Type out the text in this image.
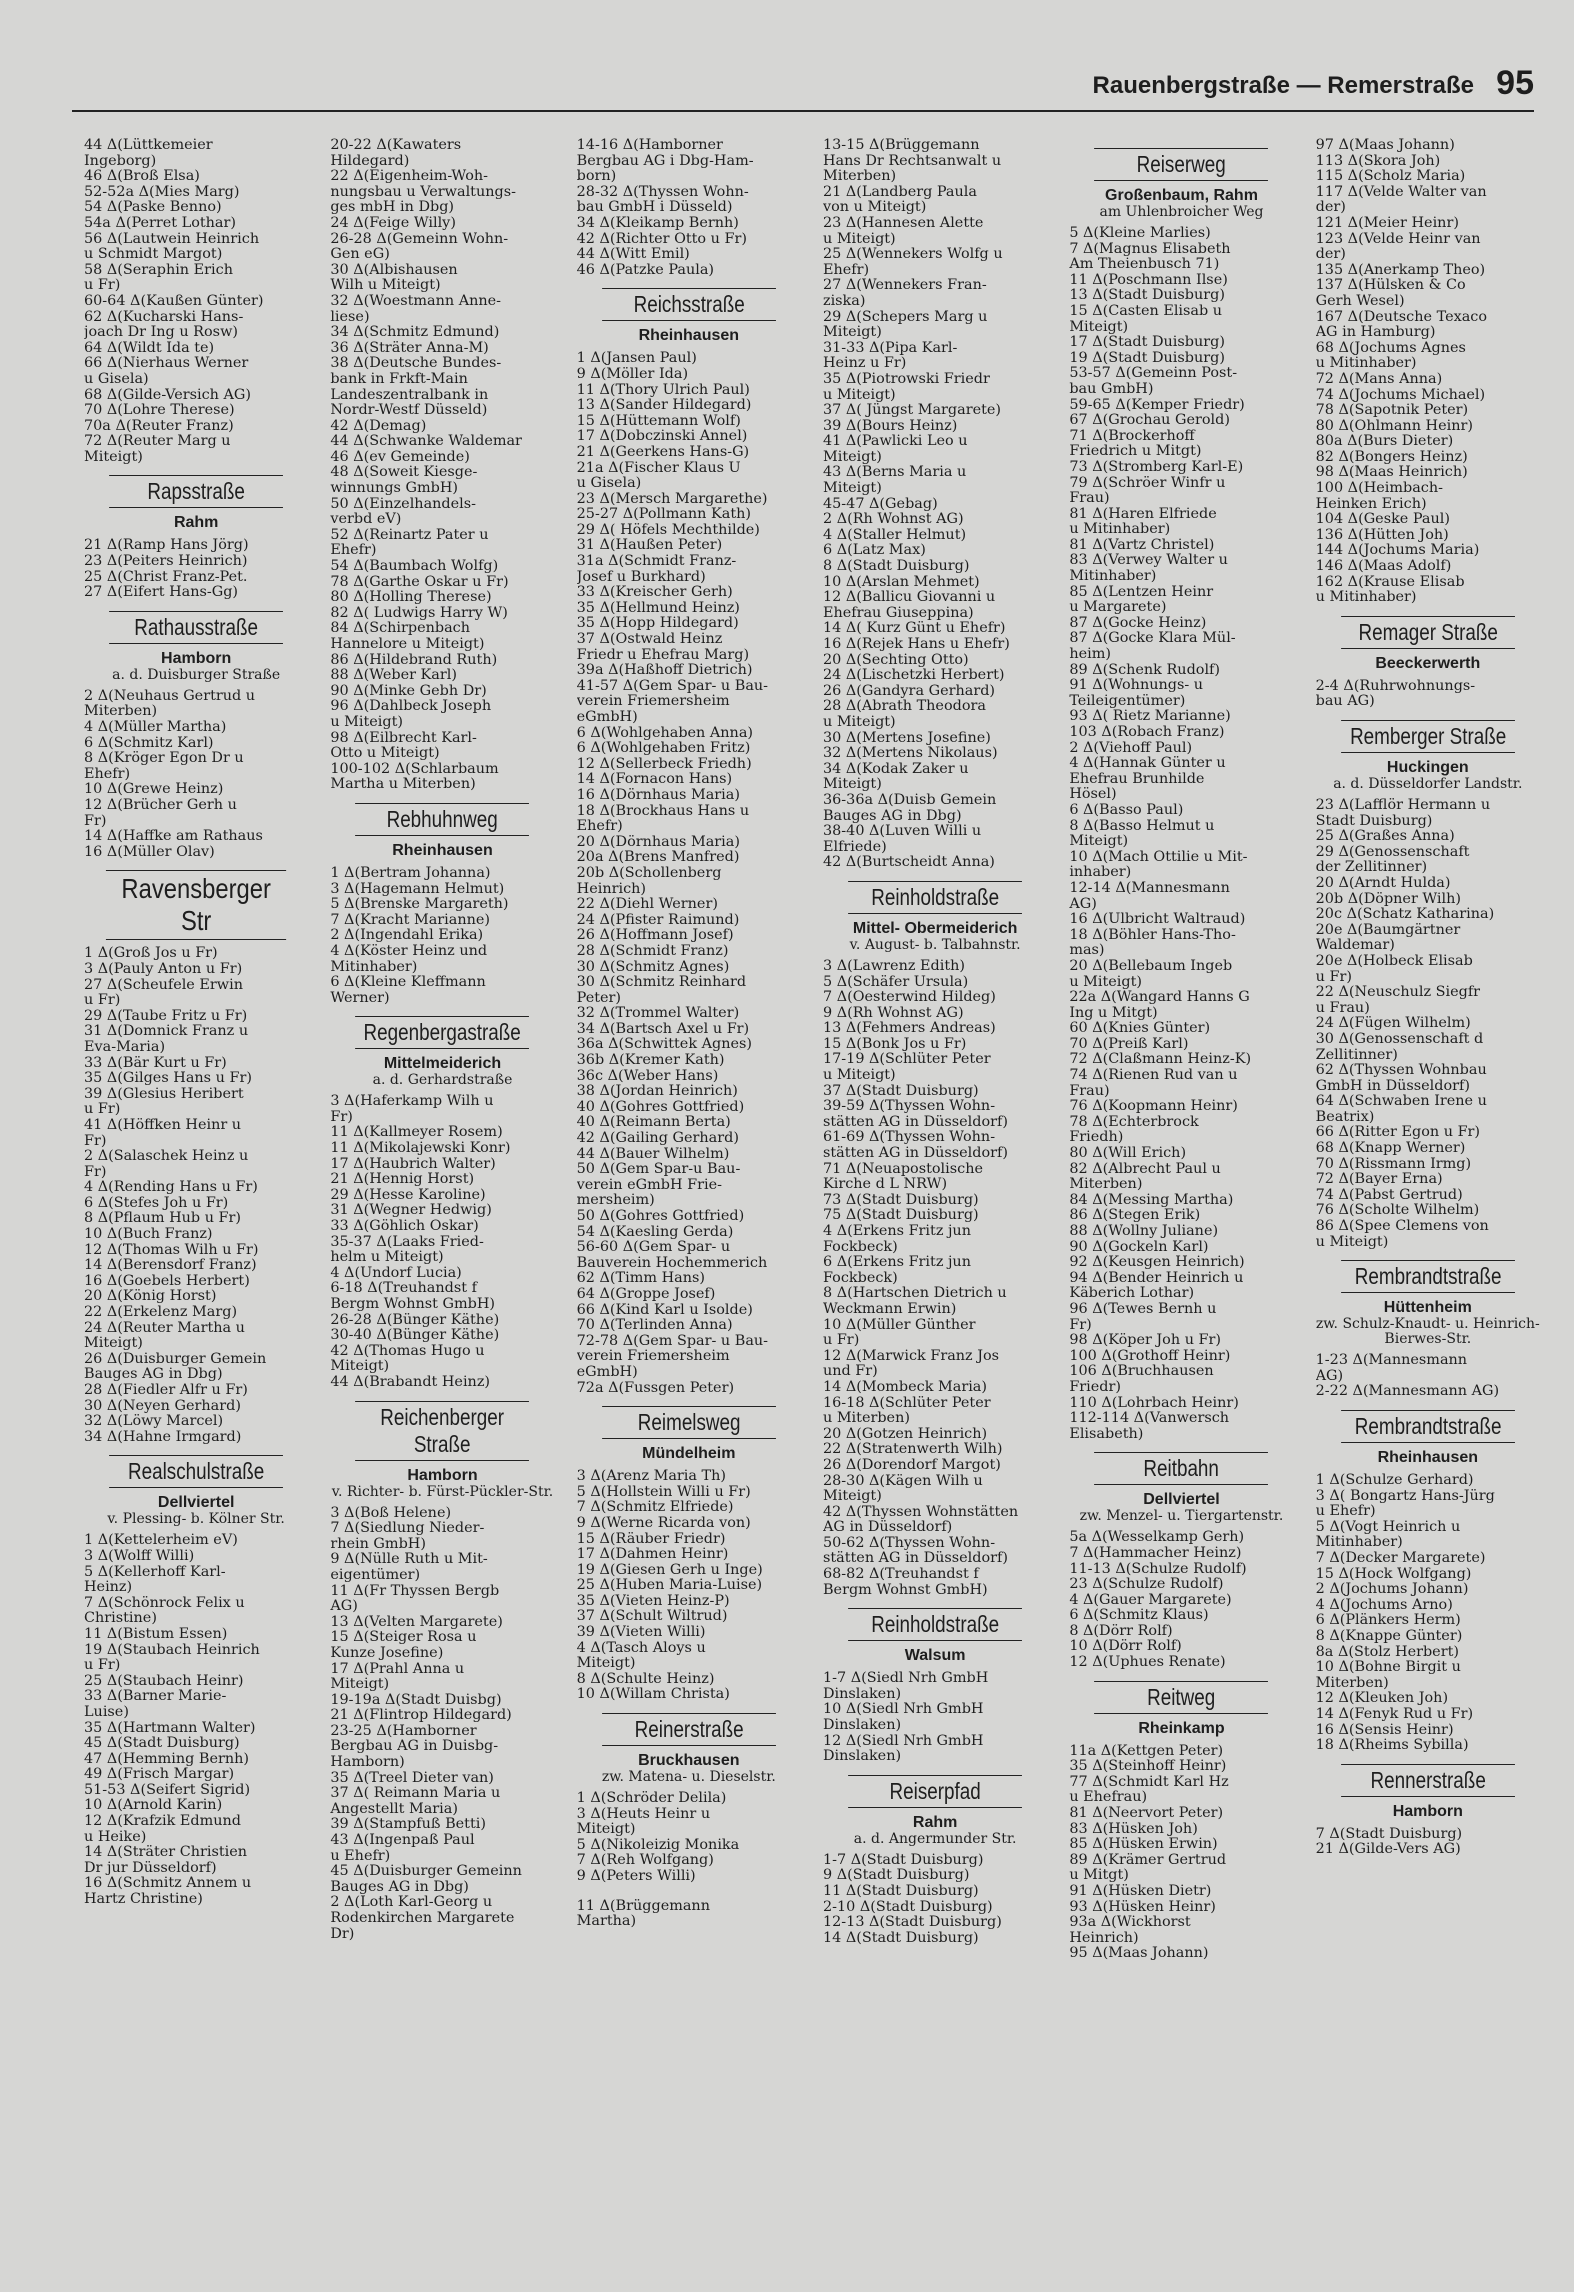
Rauenbergstraße — Remerstraße 95

44 Δ(Lüttkemeier

Ingeborg)

46 Δ(Broß Elsa)

52-52a Δ(Mies Marg)

54 Δ(Paske Benno)

54a Δ(Perret Lothar)

56 Δ(Lautwein Heinrich

u Schmidt Margot)

58 Δ(Seraphin Erich

u Fr)

60-64 Δ(Kaußen Günter)

62 Δ(Kucharski Hans-

joach Dr Ing u Rosw)

64 Δ(Wildt Ida te)

66 Δ(Nierhaus Werner

u Gisela)

68 Δ(Gilde-Versich AG)

70 Δ(Lohre Therese)

70a Δ(Reuter Franz)

72 Δ(Reuter Marg u

Miteigt)

Rapsstraße
Rahm

21 Δ(Ramp Hans Jörg)

23 Δ(Peiters Heinrich)

25 Δ(Christ Franz-Pet.

27 Δ(Eifert Hans-Gg)

Rathausstraße
Hamborn
a. d. Duisburger Straße

2 Δ(Neuhaus Gertrud u

Miterben)

4 Δ(Müller Martha)

6 Δ(Schmitz Karl)

8 Δ(Kröger Egon Dr u

Ehefr)

10 Δ(Grewe Heinz)

12 Δ(Brücher Gerh u

Fr)

14 Δ(Haffke am Rathaus

16 Δ(Müller Olav)

Ravensberger Str

1 Δ(Groß Jos u Fr)

3 Δ(Pauly Anton u Fr)

27 Δ(Scheufele Erwin

u Fr)

29 Δ(Taube Fritz u Fr)

31 Δ(Domnick Franz u

Eva-Maria)

33 Δ(Bär Kurt u Fr)

35 Δ(Gilges Hans u Fr)

39 Δ(Glesius Heribert

u Fr)

41 Δ(Höffken Heinr u

Fr)

2 Δ(Salaschek Heinz u

Fr)

4 Δ(Rending Hans u Fr)

6 Δ(Stefes Joh u Fr)

8 Δ(Pflaum Hub u Fr)

10 Δ(Buch Franz)

12 Δ(Thomas Wilh u Fr)

14 Δ(Berensdorf Franz)

16 Δ(Goebels Herbert)

20 Δ(König Horst)

22 Δ(Erkelenz Marg)

24 Δ(Reuter Martha u

Miteigt)

26 Δ(Duisburger Gemein

Bauges AG in Dbg)

28 Δ(Fiedler Alfr u Fr)

30 Δ(Neyen Gerhard)

32 Δ(Löwy Marcel)

34 Δ(Hahne Irmgard)

Realschulstraße
Dellviertel
v. Plessing- b. Kölner Str.

1 Δ(Kettelerheim eV)

3 Δ(Wolff Willi)

5 Δ(Kellerhoff Karl-

Heinz)

7 Δ(Schönrock Felix u

Christine)

11 Δ(Bistum Essen)

19 Δ(Staubach Heinrich

u Fr)

25 Δ(Staubach Heinr)

33 Δ(Barner Marie-

Luise)

35 Δ(Hartmann Walter)

45 Δ(Stadt Duisburg)

47 Δ(Hemming Bernh)

49 Δ(Frisch Margar)

51-53 Δ(Seifert Sigrid)

10 Δ(Arnold Karin)

12 Δ(Krafzik Edmund

u Heike)

14 Δ(Sträter Christien

Dr jur Düsseldorf)

16 Δ(Schmitz Annem u

Hartz Christine)

20-22 Δ(Kawaters

Hildegard)

22 Δ(Eigenheim-Woh-

nungsbau u Verwaltungs-

ges mbH in Dbg)

24 Δ(Feige Willy)

26-28 Δ(Gemeinn Wohn-

Gen eG)

30 Δ(Albishausen

Wilh u Miteigt)

32 Δ(Woestmann Anne-

liese)

34 Δ(Schmitz Edmund)

36 Δ(Sträter Anna-M)

38 Δ(Deutsche Bundes-

bank in Frkft-Main

Landeszentralbank in

Nordr-Westf Düsseld)

42 Δ(Demag)

44 Δ(Schwanke Waldemar

46 Δ(ev Gemeinde)

48 Δ(Soweit Kiesge-

winnungs GmbH)

50 Δ(Einzelhandels-

verbd eV)

52 Δ(Reinartz Pater u

Ehefr)

54 Δ(Baumbach Wolfg)

78 Δ(Garthe Oskar u Fr)

80 Δ(Holling Therese)

82 Δ( Ludwigs Harry W)

84 Δ(Schirpenbach

Hannelore u Miteigt)

86 Δ(Hildebrand Ruth)

88 Δ(Weber Karl)

90 Δ(Minke Gebh Dr)

96 Δ(Dahlbeck Joseph

u Miteigt)

98 Δ(Eilbrecht Karl-

Otto u Miteigt)

100-102 Δ(Schlarbaum

Martha u Miterben)

Rebhuhnweg
Rheinhausen

1 Δ(Bertram Johanna)

3 Δ(Hagemann Helmut)

5 Δ(Brenske Margareth)

7 Δ(Kracht Marianne)

2 Δ(Ingendahl Erika)

4 Δ(Köster Heinz und

Mitinhaber)

6 Δ(Kleine Kleffmann

Werner)

Regenbergastraße
Mittelmeiderich
a. d. Gerhardstraße

3 Δ(Haferkamp Wilh u

Fr)

11 Δ(Kallmeyer Rosem)

11 Δ(Mikolajewski Konr)

17 Δ(Haubrich Walter)

21 Δ(Hennig Horst)

29 Δ(Hesse Karoline)

31 Δ(Wegner Hedwig)

33 Δ(Göhlich Oskar)

35-37 Δ(Laaks Fried-

helm u Miteigt)

4 Δ(Undorf Lucia)

6-18 Δ(Treuhandst f

Bergm Wohnst GmbH)

26-28 Δ(Bünger Käthe)

30-40 Δ(Bünger Käthe)

42 Δ(Thomas Hugo u

Miteigt)

44 Δ(Brabandt Heinz)

Reichenberger Straße
Hamborn
v. Richter- b. Fürst-Pückler-Str.

3 Δ(Boß Helene)

7 Δ(Siedlung Nieder-

rhein GmbH)

9 Δ(Nülle Ruth u Mit-

eigentümer)

11 Δ(Fr Thyssen Bergb

AG)

13 Δ(Velten Margarete)

15 Δ(Steiger Rosa u

Kunze Josefine)

17 Δ(Prahl Anna u

Miteigt)

19-19a Δ(Stadt Duisbg)

21 Δ(Flintrop Hildegard)

23-25 Δ(Hamborner

Bergbau AG in Duisbg-

Hamborn)

35 Δ(Treel Dieter van)

37 Δ( Reimann Maria u

Angestellt Maria)

39 Δ(Stampfuß Betti)

43 Δ(Ingenpaß Paul

u Ehefr)

45 Δ(Duisburger Gemeinn

Bauges AG in Dbg)

2 Δ(Loth Karl-Georg u

Rodenkirchen Margarete

Dr)

14-16 Δ(Hamborner

Bergbau AG i Dbg-Ham-

born)

28-32 Δ(Thyssen Wohn-

bau GmbH i Düsseld)

34 Δ(Kleikamp Bernh)

42 Δ(Richter Otto u Fr)

44 Δ(Witt Emil)

46 Δ(Patzke Paula)

Reichsstraße
Rheinhausen

1 Δ(Jansen Paul)

9 Δ(Möller Ida)

11 Δ(Thory Ulrich Paul)

13 Δ(Sander Hildegard)

15 Δ(Hüttemann Wolf)

17 Δ(Dobczinski Annel)

21 Δ(Geerkens Hans-G)

21a Δ(Fischer Klaus U

u Gisela)

23 Δ(Mersch Margarethe)

25-27 Δ(Pollmann Kath)

29 Δ( Höfels Mechthilde)

31 Δ(Haußen Peter)

31a Δ(Schmidt Franz-

Josef u Burkhard)

33 Δ(Kreischer Gerh)

35 Δ(Hellmund Heinz)

35 Δ(Hopp Hildegard)

37 Δ(Ostwald Heinz

Friedr u Ehefrau Marg)

39a Δ(Haßhoff Dietrich)

41-57 Δ(Gem Spar- u Bau-

verein Friemersheim

eGmbH)

6 Δ(Wohlgehaben Anna)

6 Δ(Wohlgehaben Fritz)

12 Δ(Sellerbeck Friedh)

14 Δ(Fornacon Hans)

16 Δ(Dörnhaus Maria)

18 Δ(Brockhaus Hans u

Ehefr)

20 Δ(Dörnhaus Maria)

20a Δ(Brens Manfred)

20b Δ(Schollenberg

Heinrich)

22 Δ(Diehl Werner)

24 Δ(Pfister Raimund)

26 Δ(Hoffmann Josef)

28 Δ(Schmidt Franz)

30 Δ(Schmitz Agnes)

30 Δ(Schmitz Reinhard

Peter)

32 Δ(Trommel Walter)

34 Δ(Bartsch Axel u Fr)

36a Δ(Schwittek Agnes)

36b Δ(Kremer Kath)

36c Δ(Weber Hans)

38 Δ(Jordan Heinrich)

40 Δ(Gohres Gottfried)

40 Δ(Reimann Berta)

42 Δ(Gailing Gerhard)

44 Δ(Bauer Wilhelm)

50 Δ(Gem Spar-u Bau-

verein eGmbH Frie-

mersheim)

50 Δ(Gohres Gottfried)

54 Δ(Kaesling Gerda)

56-60 Δ(Gem Spar- u

Bauverein Hochemmerich

62 Δ(Timm Hans)

64 Δ(Groppe Josef)

66 Δ(Kind Karl u Isolde)

70 Δ(Terlinden Anna)

72-78 Δ(Gem Spar- u Bau-

verein Friemersheim

eGmbH)

72a Δ(Fussgen Peter)

Reimelsweg
Mündelheim

3 Δ(Arenz Maria Th)

5 Δ(Hollstein Willi u Fr)

7 Δ(Schmitz Elfriede)

9 Δ(Werne Ricarda von)

15 Δ(Räuber Friedr)

17 Δ(Dahmen Heinr)

19 Δ(Giesen Gerh u Inge)

25 Δ(Huben Maria-Luise)

35 Δ(Vieten Heinz-P)

37 Δ(Schult Wiltrud)

39 Δ(Vieten Willi)

4 Δ(Tasch Aloys u

Miteigt)

8 Δ(Schulte Heinz)

10 Δ(Willam Christa)

Reinerstraße
Bruckhausen
zw. Matena- u. Dieselstr.

1 Δ(Schröder Delila)

3 Δ(Heuts Heinr u

Miteigt)

5 Δ(Nikoleizig Monika

7 Δ(Reh Wolfgang)

9 Δ(Peters Willi)

11 Δ(Brüggemann

Martha)

13-15 Δ(Brüggemann

Hans Dr Rechtsanwalt u

Miterben)

21 Δ(Landberg Paula

von u Miteigt)

23 Δ(Hannesen Alette

u Miteigt)

25 Δ(Wennekers Wolfg u

Ehefr)

27 Δ(Wennekers Fran-

ziska)

29 Δ(Schepers Marg u

Miteigt)

31-33 Δ(Pipa Karl-

Heinz u Fr)

35 Δ(Piotrowski Friedr

u Miteigt)

37 Δ( Jüngst Margarete)

39 Δ(Bours Heinz)

41 Δ(Pawlicki Leo u

Miteigt)

43 Δ(Berns Maria u

Miteigt)

45-47 Δ(Gebag)

2 Δ(Rh Wohnst AG)

4 Δ(Staller Helmut)

6 Δ(Latz Max)

8 Δ(Stadt Duisburg)

10 Δ(Arslan Mehmet)

12 Δ(Ballicu Giovanni u

Ehefrau Giuseppina)

14 Δ( Kurz Günt u Ehefr)

16 Δ(Rejek Hans u Ehefr)

20 Δ(Sechting Otto)

24 Δ(Lischetzki Herbert)

26 Δ(Gandyra Gerhard)

28 Δ(Abrath Theodora

u Miteigt)

30 Δ(Mertens Josefine)

32 Δ(Mertens Nikolaus)

34 Δ(Kodak Zaker u

Miteigt)

36-36a Δ(Duisb Gemein

Bauges AG in Dbg)

38-40 Δ(Luven Willi u

Elfriede)

42 Δ(Burtscheidt Anna)

Reinholdstraße
Mittel- Obermeiderich
v. August- b. Talbahnstr.

3 Δ(Lawrenz Edith)

5 Δ(Schäfer Ursula)

7 Δ(Oesterwind Hildeg)

9 Δ(Rh Wohnst AG)

13 Δ(Fehmers Andreas)

15 Δ(Bonk Jos u Fr)

17-19 Δ(Schlüter Peter

u Miteigt)

37 Δ(Stadt Duisburg)

39-59 Δ(Thyssen Wohn-

stätten AG in Düsseldorf)

61-69 Δ(Thyssen Wohn-

stätten AG in Düsseldorf)

71 Δ(Neuapostolische

Kirche d L NRW)

73 Δ(Stadt Duisburg)

75 Δ(Stadt Duisburg)

4 Δ(Erkens Fritz jun

Fockbeck)

6 Δ(Erkens Fritz jun

Fockbeck)

8 Δ(Hartschen Dietrich u

Weckmann Erwin)

10 Δ(Müller Günther

u Fr)

12 Δ(Marwick Franz Jos

und Fr)

14 Δ(Mombeck Maria)

16-18 Δ(Schlüter Peter

u Miterben)

20 Δ(Gotzen Heinrich)

22 Δ(Stratenwerth Wilh)

26 Δ(Dorendorf Margot)

28-30 Δ(Kägen Wilh u

Miteigt)

42 Δ(Thyssen Wohnstätten

AG in Düsseldorf)

50-62 Δ(Thyssen Wohn-

stätten AG in Düsseldorf)

68-82 Δ(Treuhandst f

Bergm Wohnst GmbH)

Reinholdstraße
Walsum

1-7 Δ(Siedl Nrh GmbH

Dinslaken)

10 Δ(Siedl Nrh GmbH

Dinslaken)

12 Δ(Siedl Nrh GmbH

Dinslaken)

Reiserpfad
Rahm
a. d. Angermunder Str.

1-7 Δ(Stadt Duisburg)

9 Δ(Stadt Duisburg)

11 Δ(Stadt Duisburg)

2-10 Δ(Stadt Duisburg)

12-13 Δ(Stadt Duisburg)

14 Δ(Stadt Duisburg)

Reiserweg
Großenbaum, Rahm
am Uhlenbroicher Weg

5 Δ(Kleine Marlies)

7 Δ(Magnus Elisabeth

Am Theienbusch 71)

11 Δ(Poschmann Ilse)

13 Δ(Stadt Duisburg)

15 Δ(Casten Elisab u

Miteigt)

17 Δ(Stadt Duisburg)

19 Δ(Stadt Duisburg)

53-57 Δ(Gemeinn Post-

bau GmbH)

59-65 Δ(Kemper Friedr)

67 Δ(Grochau Gerold)

71 Δ(Brockerhoff

Friedrich u Mitgt)

73 Δ(Stromberg Karl-E)

79 Δ(Schröer Winfr u

Frau)

81 Δ(Haren Elfriede

u Mitinhaber)

81 Δ(Vartz Christel)

83 Δ(Verwey Walter u

Mitinhaber)

85 Δ(Lentzen Heinr

u Margarete)

87 Δ(Gocke Heinz)

87 Δ(Gocke Klara Mül-

heim)

89 Δ(Schenk Rudolf)

91 Δ(Wohnungs- u

Teileigentümer)

93 Δ( Rietz Marianne)

103 Δ(Robach Franz)

2 Δ(Viehoff Paul)

4 Δ(Hannak Günter u

Ehefrau Brunhilde

Hösel)

6 Δ(Basso Paul)

8 Δ(Basso Helmut u

Miteigt)

10 Δ(Mach Ottilie u Mit-

inhaber)

12-14 Δ(Mannesmann

AG)

16 Δ(Ulbricht Waltraud)

18 Δ(Böhler Hans-Tho-

mas)

20 Δ(Bellebaum Ingeb

u Miteigt)

22a Δ(Wangard Hanns G

Ing u Mitgt)

60 Δ(Knies Günter)

70 Δ(Preiß Karl)

72 Δ(Claßmann Heinz-K)

74 Δ(Rienen Rud van u

Frau)

76 Δ(Koopmann Heinr)

78 Δ(Echterbrock

Friedh)

80 Δ(Will Erich)

82 Δ(Albrecht Paul u

Miterben)

84 Δ(Messing Martha)

86 Δ(Stegen Erik)

88 Δ(Wollny Juliane)

90 Δ(Gockeln Karl)

92 Δ(Keusgen Heinrich)

94 Δ(Bender Heinrich u

Käberich Lothar)

96 Δ(Tewes Bernh u

Fr)

98 Δ(Köper Joh u Fr)

100 Δ(Grothoff Heinr)

106 Δ(Bruchhausen

Friedr)

110 Δ(Lohrbach Heinr)

112-114 Δ(Vanwersch

Elisabeth)

Reitbahn
Dellviertel
zw. Menzel- u. Tiergartenstr.

5a Δ(Wesselkamp Gerh)

7 Δ(Hammacher Heinz)

11-13 Δ(Schulze Rudolf)

23 Δ(Schulze Rudolf)

4 Δ(Gauer Margarete)

6 Δ(Schmitz Klaus)

8 Δ(Dörr Rolf)

10 Δ(Dörr Rolf)

12 Δ(Uphues Renate)

Reitweg
Rheinkamp

11a Δ(Kettgen Peter)

35 Δ(Steinhoff Heinr)

77 Δ(Schmidt Karl Hz

u Ehefrau)

81 Δ(Neervort Peter)

83 Δ(Hüsken Joh)

85 Δ(Hüsken Erwin)

89 Δ(Krämer Gertrud

u Mitgt)

91 Δ(Hüsken Dietr)

93 Δ(Hüsken Heinr)

93a Δ(Wickhorst

Heinrich)

95 Δ(Maas Johann)

97 Δ(Maas Johann)

113 Δ(Skora Joh)

115 Δ(Scholz Maria)

117 Δ(Velde Walter van

der)

121 Δ(Meier Heinr)

123 Δ(Velde Heinr van

der)

135 Δ(Anerkamp Theo)

137 Δ(Hülsken & Co

Gerh Wesel)

167 Δ(Deutsche Texaco

AG in Hamburg)

68 Δ(Jochums Agnes

u Mitinhaber)

72 Δ(Mans Anna)

74 Δ(Jochums Michael)

78 Δ(Sapotnik Peter)

80 Δ(Ohlmann Heinr)

80a Δ(Burs Dieter)

82 Δ(Bongers Heinz)

98 Δ(Maas Heinrich)

100 Δ(Heimbach-

Heinken Erich)

104 Δ(Geske Paul)

136 Δ(Hütten Joh)

144 Δ(Jochums Maria)

146 Δ(Maas Adolf)

162 Δ(Krause Elisab

u Mitinhaber)

Remager Straße
Beeckerwerth

2-4 Δ(Ruhrwohnungs-

bau AG)

Remberger Straße
Huckingen
a. d. Düsseldorfer Landstr.

23 Δ(Lafflör Hermann u

Stadt Duisburg)

25 Δ(Graßes Anna)

29 Δ(Genossenschaft

der Zellitinner)

20 Δ(Arndt Hulda)

20b Δ(Döpner Wilh)

20c Δ(Schatz Katharina)

20e Δ(Baumgärtner

Waldemar)

20e Δ(Holbeck Elisab

u Fr)

22 Δ(Neuschulz Siegfr

u Frau)

24 Δ(Fügen Wilhelm)

30 Δ(Genossenschaft d

Zellitinner)

62 Δ(Thyssen Wohnbau

GmbH in Düsseldorf)

64 Δ(Schwaben Irene u

Beatrix)

66 Δ(Ritter Egon u Fr)

68 Δ(Knapp Werner)

70 Δ(Rissmann Irmg)

72 Δ(Bayer Erna)

74 Δ(Pabst Gertrud)

76 Δ(Scholte Wilhelm)

86 Δ(Spee Clemens von

u Miteigt)

Rembrandtstraße
Hüttenheim
zw. Schulz-Knaudt- u. Heinrich-Bierwes-Str.

1-23 Δ(Mannesmann

AG)

2-22 Δ(Mannesmann AG)

Rembrandtstraße
Rheinhausen

1 Δ(Schulze Gerhard)

3 Δ( Bongartz Hans-Jürg

u Ehefr)

5 Δ(Vogt Heinrich u

Mitinhaber)

7 Δ(Decker Margarete)

15 Δ(Hock Wolfgang)

2 Δ(Jochums Johann)

4 Δ(Jochums Arno)

6 Δ(Plänkers Herm)

8 Δ(Knappe Günter)

8a Δ(Stolz Herbert)

10 Δ(Bohne Birgit u

Miterben)

12 Δ(Kleuken Joh)

14 Δ(Fenyk Rud u Fr)

16 Δ(Sensis Heinr)

18 Δ(Rheims Sybilla)

Rennerstraße
Hamborn

7 Δ(Stadt Duisburg)

21 Δ(Gilde-Vers AG)
